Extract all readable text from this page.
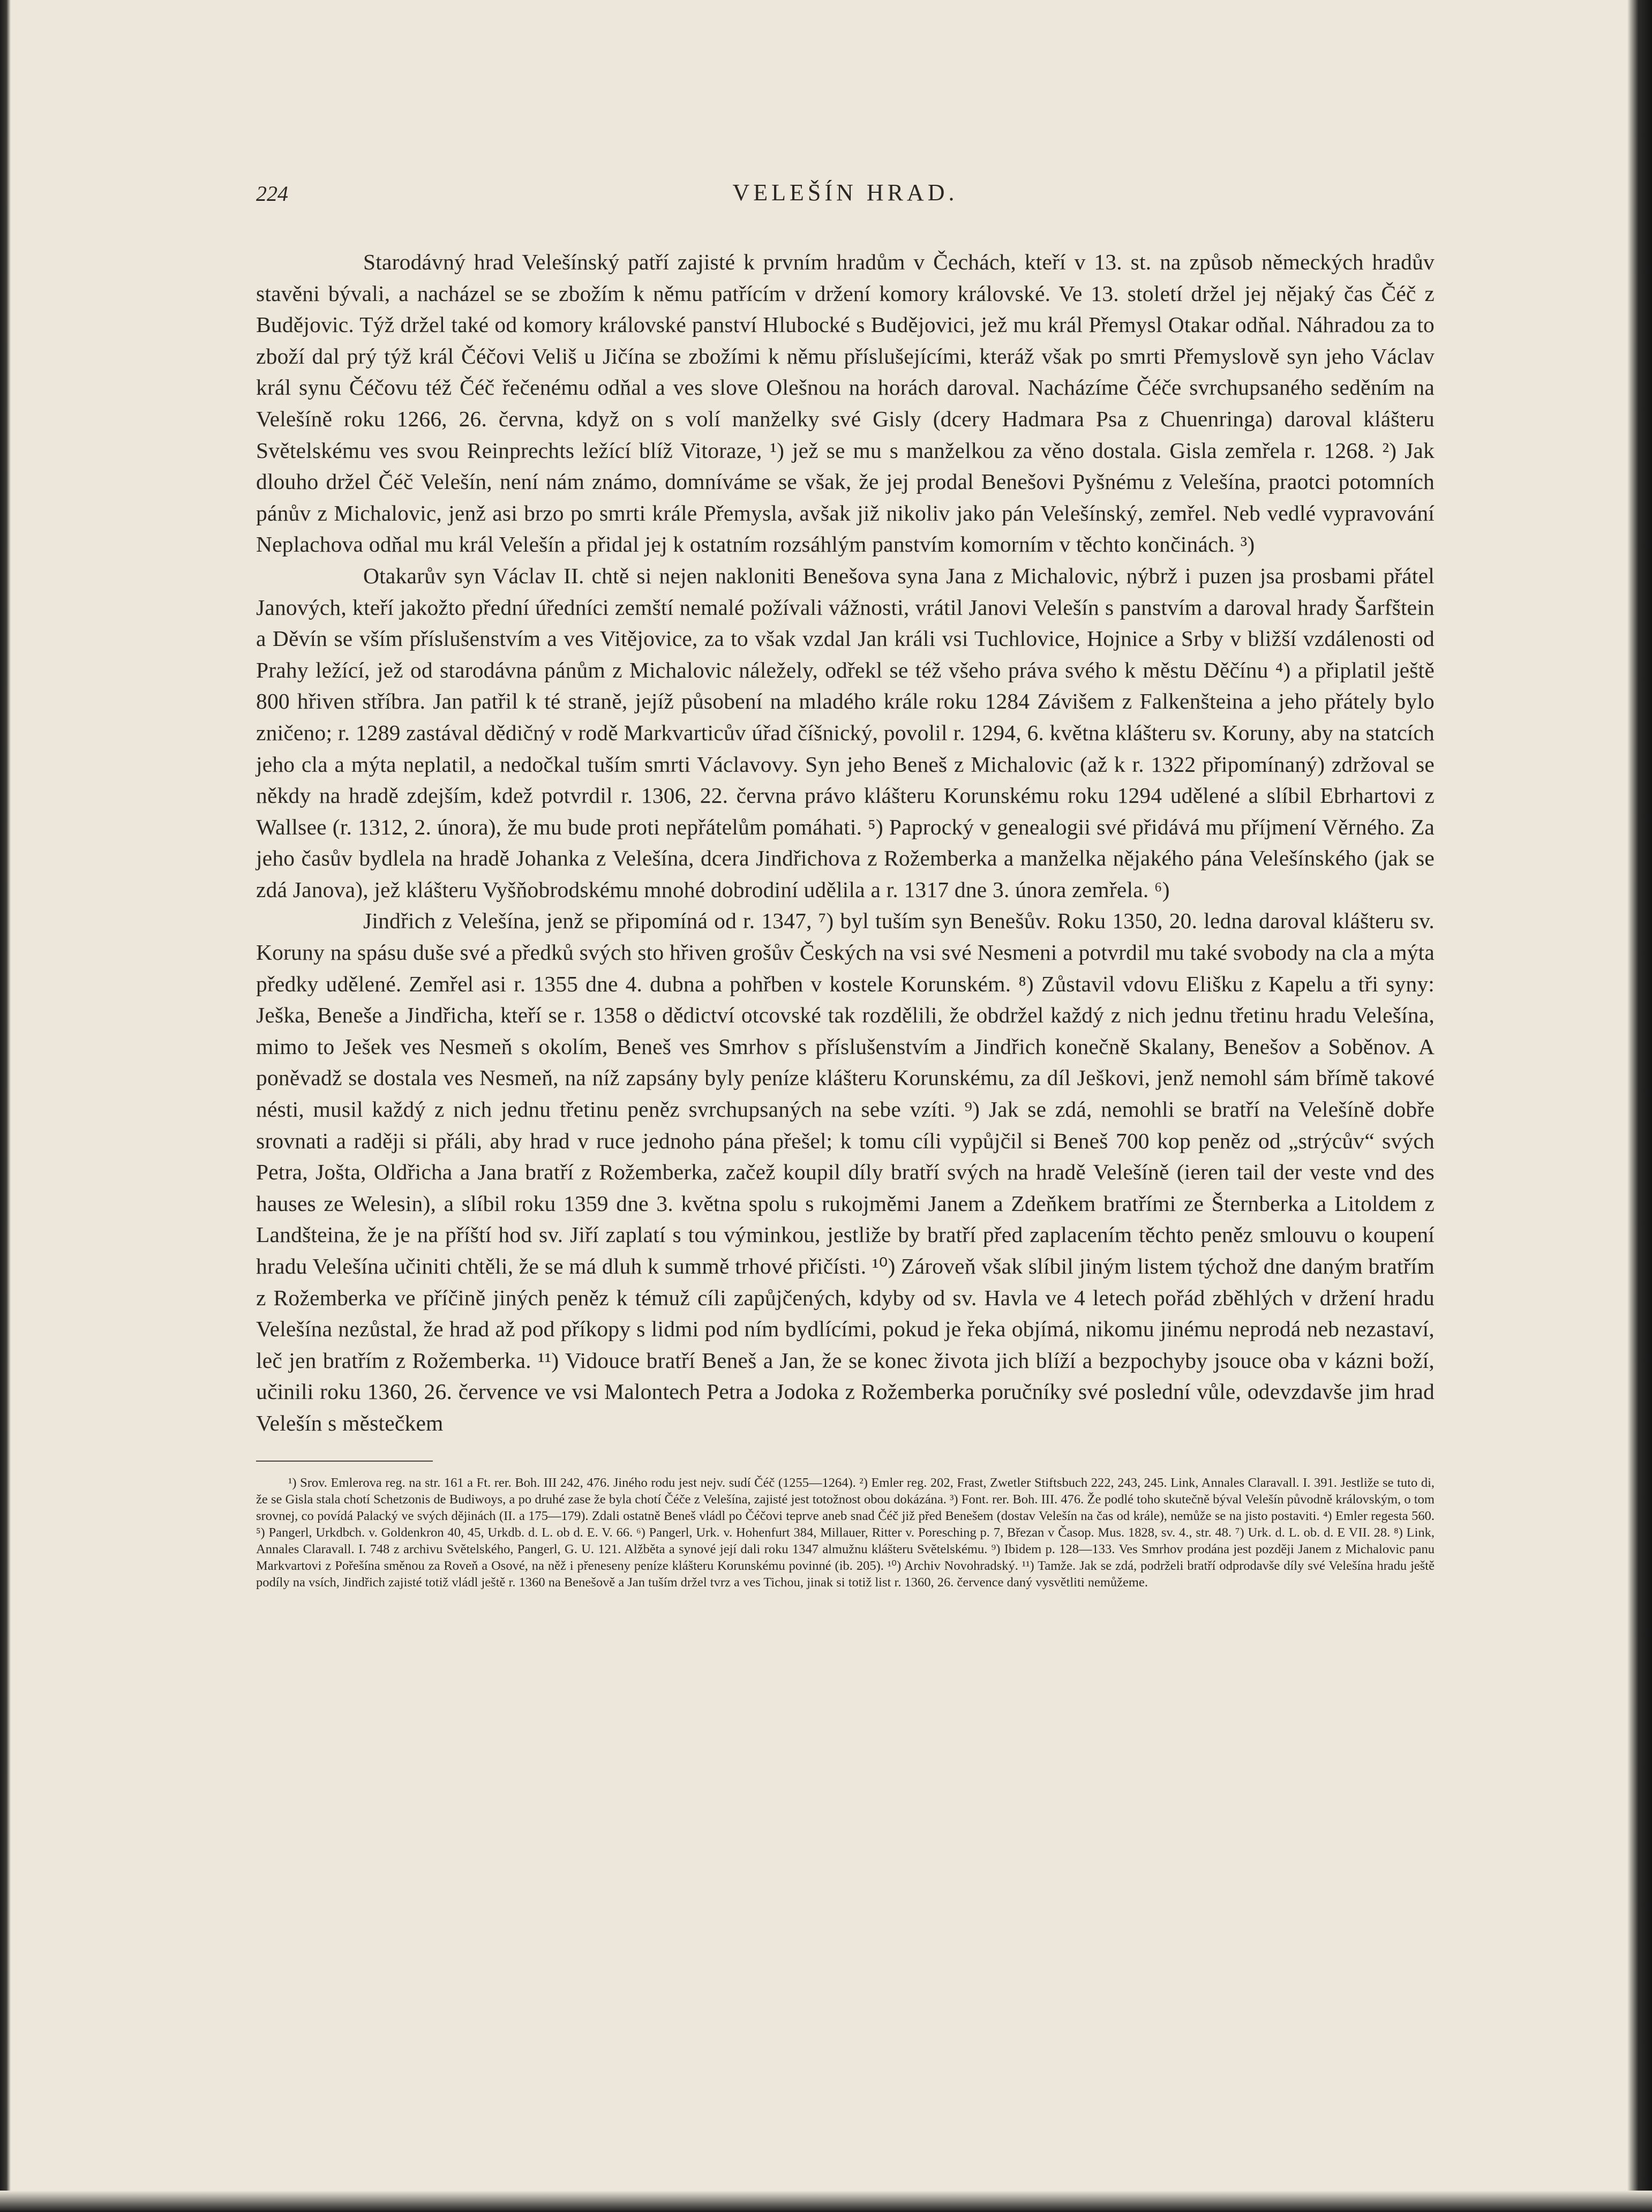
224	VELEŠÍN HRAD.

Starodávný hrad Velešínský patří zajisté k prvním hradům v Čechách, kteří v 13. st. na způsob německých hradův stavěni bývali, a nacházel se se zbožím k němu patřícím v držení komory královské. Ve 13. století držel jej nějaký čas Čéč z Budějovic. Týž držel také od komory královské panství Hlubocké s Budějovici, jež mu král Přemysl Otakar odňal. Náhradou za to zboží dal prý týž král Čéčovi Veliš u Jičína se zbožími k němu příslušejícími, kteráž však po smrti Přemyslově syn jeho Václav král synu Čéčovu též Čéč řečenému odňal a ves slove Olešnou na horách daroval. Nacházíme Čéče svrchupsaného seděním na Velešíně roku 1266, 26. června, když on s volí manželky své Gisly (dcery Hadmara Psa z Chuenringa) daroval klášteru Světelskému ves svou Reinprechts ležící blíž Vitoraze, ¹) jež se mu s manželkou za věno dostala. Gisla zemřela r. 1268. ²) Jak dlouho držel Čéč Velešín, není nám známo, domníváme se však, že jej prodal Benešovi Pyšnému z Velešína, praotci potomních pánův z Michalovic, jenž asi brzo po smrti krále Přemysla, avšak již nikoliv jako pán Velešínský, zemřel. Neb vedlé vypravování Neplachova odňal mu král Velešín a přidal jej k ostatním rozsáhlým panstvím komorním v těchto končinách. ³)

Otakarův syn Václav II. chtě si nejen nakloniti Benešova syna Jana z Michalovic, nýbrž i puzen jsa prosbami přátel Janových, kteří jakožto přední úředníci zemští nemalé požívali vážnosti, vrátil Janovi Velešín s panstvím a daroval hrady Šarfštein a Děvín se vším příslušenstvím a ves Vitějovice, za to však vzdal Jan králi vsi Tuchlovice, Hojnice a Srby v bližší vzdálenosti od Prahy ležící, jež od starodávna pánům z Michalovic náležely, odřekl se též všeho práva svého k městu Děčínu ⁴) a připlatil ještě 800 hřiven stříbra. Jan patřil k té straně, jejíž působení na mladého krále roku 1284 Závišem z Falkenšteina a jeho přátely bylo zničeno; r. 1289 zastával dědičný v rodě Markvarticův úřad číšnický, povolil r. 1294, 6. května klášteru sv. Koruny, aby na statcích jeho cla a mýta neplatil, a nedočkal tuším smrti Václavovy. Syn jeho Beneš z Michalovic (až k r. 1322 připomínaný) zdržoval se někdy na hradě zdejším, kdež potvrdil r. 1306, 22. června právo klášteru Korunskému roku 1294 udělené a slíbil Ebrhartovi z Wallsee (r. 1312, 2. února), že mu bude proti nepřátelům pomáhati. ⁵) Paprocký v genealogii své přidává mu příjmení Věrného. Za jeho časův bydlela na hradě Johanka z Velešína, dcera Jindřichova z Rožemberka a manželka nějakého pána Velešínského (jak se zdá Janova), jež klášteru Vyšňobrodskému mnohé dobrodiní udělila a r. 1317 dne 3. února zemřela. ⁶)

Jindřich z Velešína, jenž se připomíná od r. 1347, ⁷) byl tuším syn Benešův. Roku 1350, 20. ledna daroval klášteru sv. Koruny na spásu duše své a předků svých sto hřiven grošův Českých na vsi své Nesmeni a potvrdil mu také svobody na cla a mýta předky udělené. Zemřel asi r. 1355 dne 4. dubna a pohřben v kostele Korunském. ⁸) Zůstavil vdovu Elišku z Kapelu a tři syny: Ješka, Beneše a Jindřicha, kteří se r. 1358 o dědictví otcovské tak rozdělili, že obdržel každý z nich jednu třetinu hradu Velešína, mimo to Ješek ves Nesmeň s okolím, Beneš ves Smrhov s příslušenstvím a Jindřich konečně Skalany, Benešov a Soběnov. A poněvadž se dostala ves Nesmeň, na níž zapsány byly peníze klášteru Korunskému, za díl Ješkovi, jenž nemohl sám břímě takové nésti, musil každý z nich jednu třetinu peněz svrchupsaných na sebe vzíti. ⁹) Jak se zdá, nemohli se bratří na Velešíně dobře srovnati a raději si přáli, aby hrad v ruce jednoho pána přešel; k tomu cíli vypůjčil si Beneš 700 kop peněz od „strýcův“ svých Petra, Jošta, Oldřicha a Jana bratří z Rožemberka, začež koupil díly bratří svých na hradě Velešíně (ieren tail der veste vnd des hauses ze Welesin), a slíbil roku 1359 dne 3. května spolu s rukojměmi Janem a Zdeňkem bratřími ze Šternberka a Litoldem z Landšteina, že je na příští hod sv. Jiří zaplatí s tou výminkou, jestliže by bratří před zaplacením těchto peněz smlouvu o koupení hradu Velešína učiniti chtěli, že se má dluh k summě trhové přičísti. ¹⁰) Zároveň však slíbil jiným listem týchož dne daným bratřím z Rožemberka ve příčině jiných peněz k témuž cíli zapůjčených, kdyby od sv. Havla ve 4 letech pořád zběhlých v držení hradu Velešína nezůstal, že hrad až pod příkopy s lidmi pod ním bydlícími, pokud je řeka objímá, nikomu jinému neprodá neb nezastaví, leč jen bratřím z Rožemberka. ¹¹) Vidouce bratří Beneš a Jan, že se konec života jich blíží a bezpochyby jsouce oba v kázni boží, učinili roku 1360, 26. července ve vsi Malontech Petra a Jodoka z Rožemberka poručníky své poslední vůle, odevzdavše jim hrad Velešín s městečkem

¹) Srov. Emlerova reg. na str. 161 a Ft. rer. Boh. III 242, 476. Jiného rodu jest nejv. sudí Čéč (1255—1264). ²) Emler reg. 202, Frast, Zwetler Stiftsbuch 222, 243, 245. Link, Annales Claravall. I. 391. Jestliže se tuto di, že se Gisla stala chotí Schetzonis de Budiwoys, a po druhé zase že byla chotí Čéče z Velešína, zajisté jest totožnost obou dokázána. ³) Font. rer. Boh. III. 476. Že podlé toho skutečně býval Velešín původně královským, o tom srovnej, co povídá Palacký ve svých dějinách (II. a 175—179). Zdali ostatně Beneš vládl po Čéčovi teprve aneb snad Čéč již před Benešem (dostav Velešín na čas od krále), nemůže se na jisto postaviti. ⁴) Emler regesta 560. ⁵) Pangerl, Urkdbch. v. Goldenkron 40, 45, Urkdb. d. L. ob d. E. V. 66. ⁶) Pangerl, Urk. v. Hohenfurt 384, Millauer, Ritter v. Poresching p. 7, Březan v Časop. Mus. 1828, sv. 4., str. 48. ⁷) Urk. d. L. ob. d. E VII. 28. ⁸) Link, Annales Claravall. I. 748 z archivu Světelského, Pangerl, G. U. 121. Alžběta a synové její dali roku 1347 almužnu klášteru Světelskému. ⁹) Ibidem p. 128—133. Ves Smrhov prodána jest později Janem z Michalovic panu Markvartovi z Pořešína směnou za Roveň a Osové, na něž i přeneseny peníze klášteru Korunskému povinné (ib. 205). ¹⁰) Archiv Novohradský. ¹¹) Tamže. Jak se zdá, podrželi bratří odprodavše díly své Velešína hradu ještě podíly na vsích, Jindřich zajisté totiž vládl ještě r. 1360 na Benešově a Jan tuším držel tvrz a ves Tichou, jinak si totiž list r. 1360, 26. července daný vysvětliti nemůžeme.
